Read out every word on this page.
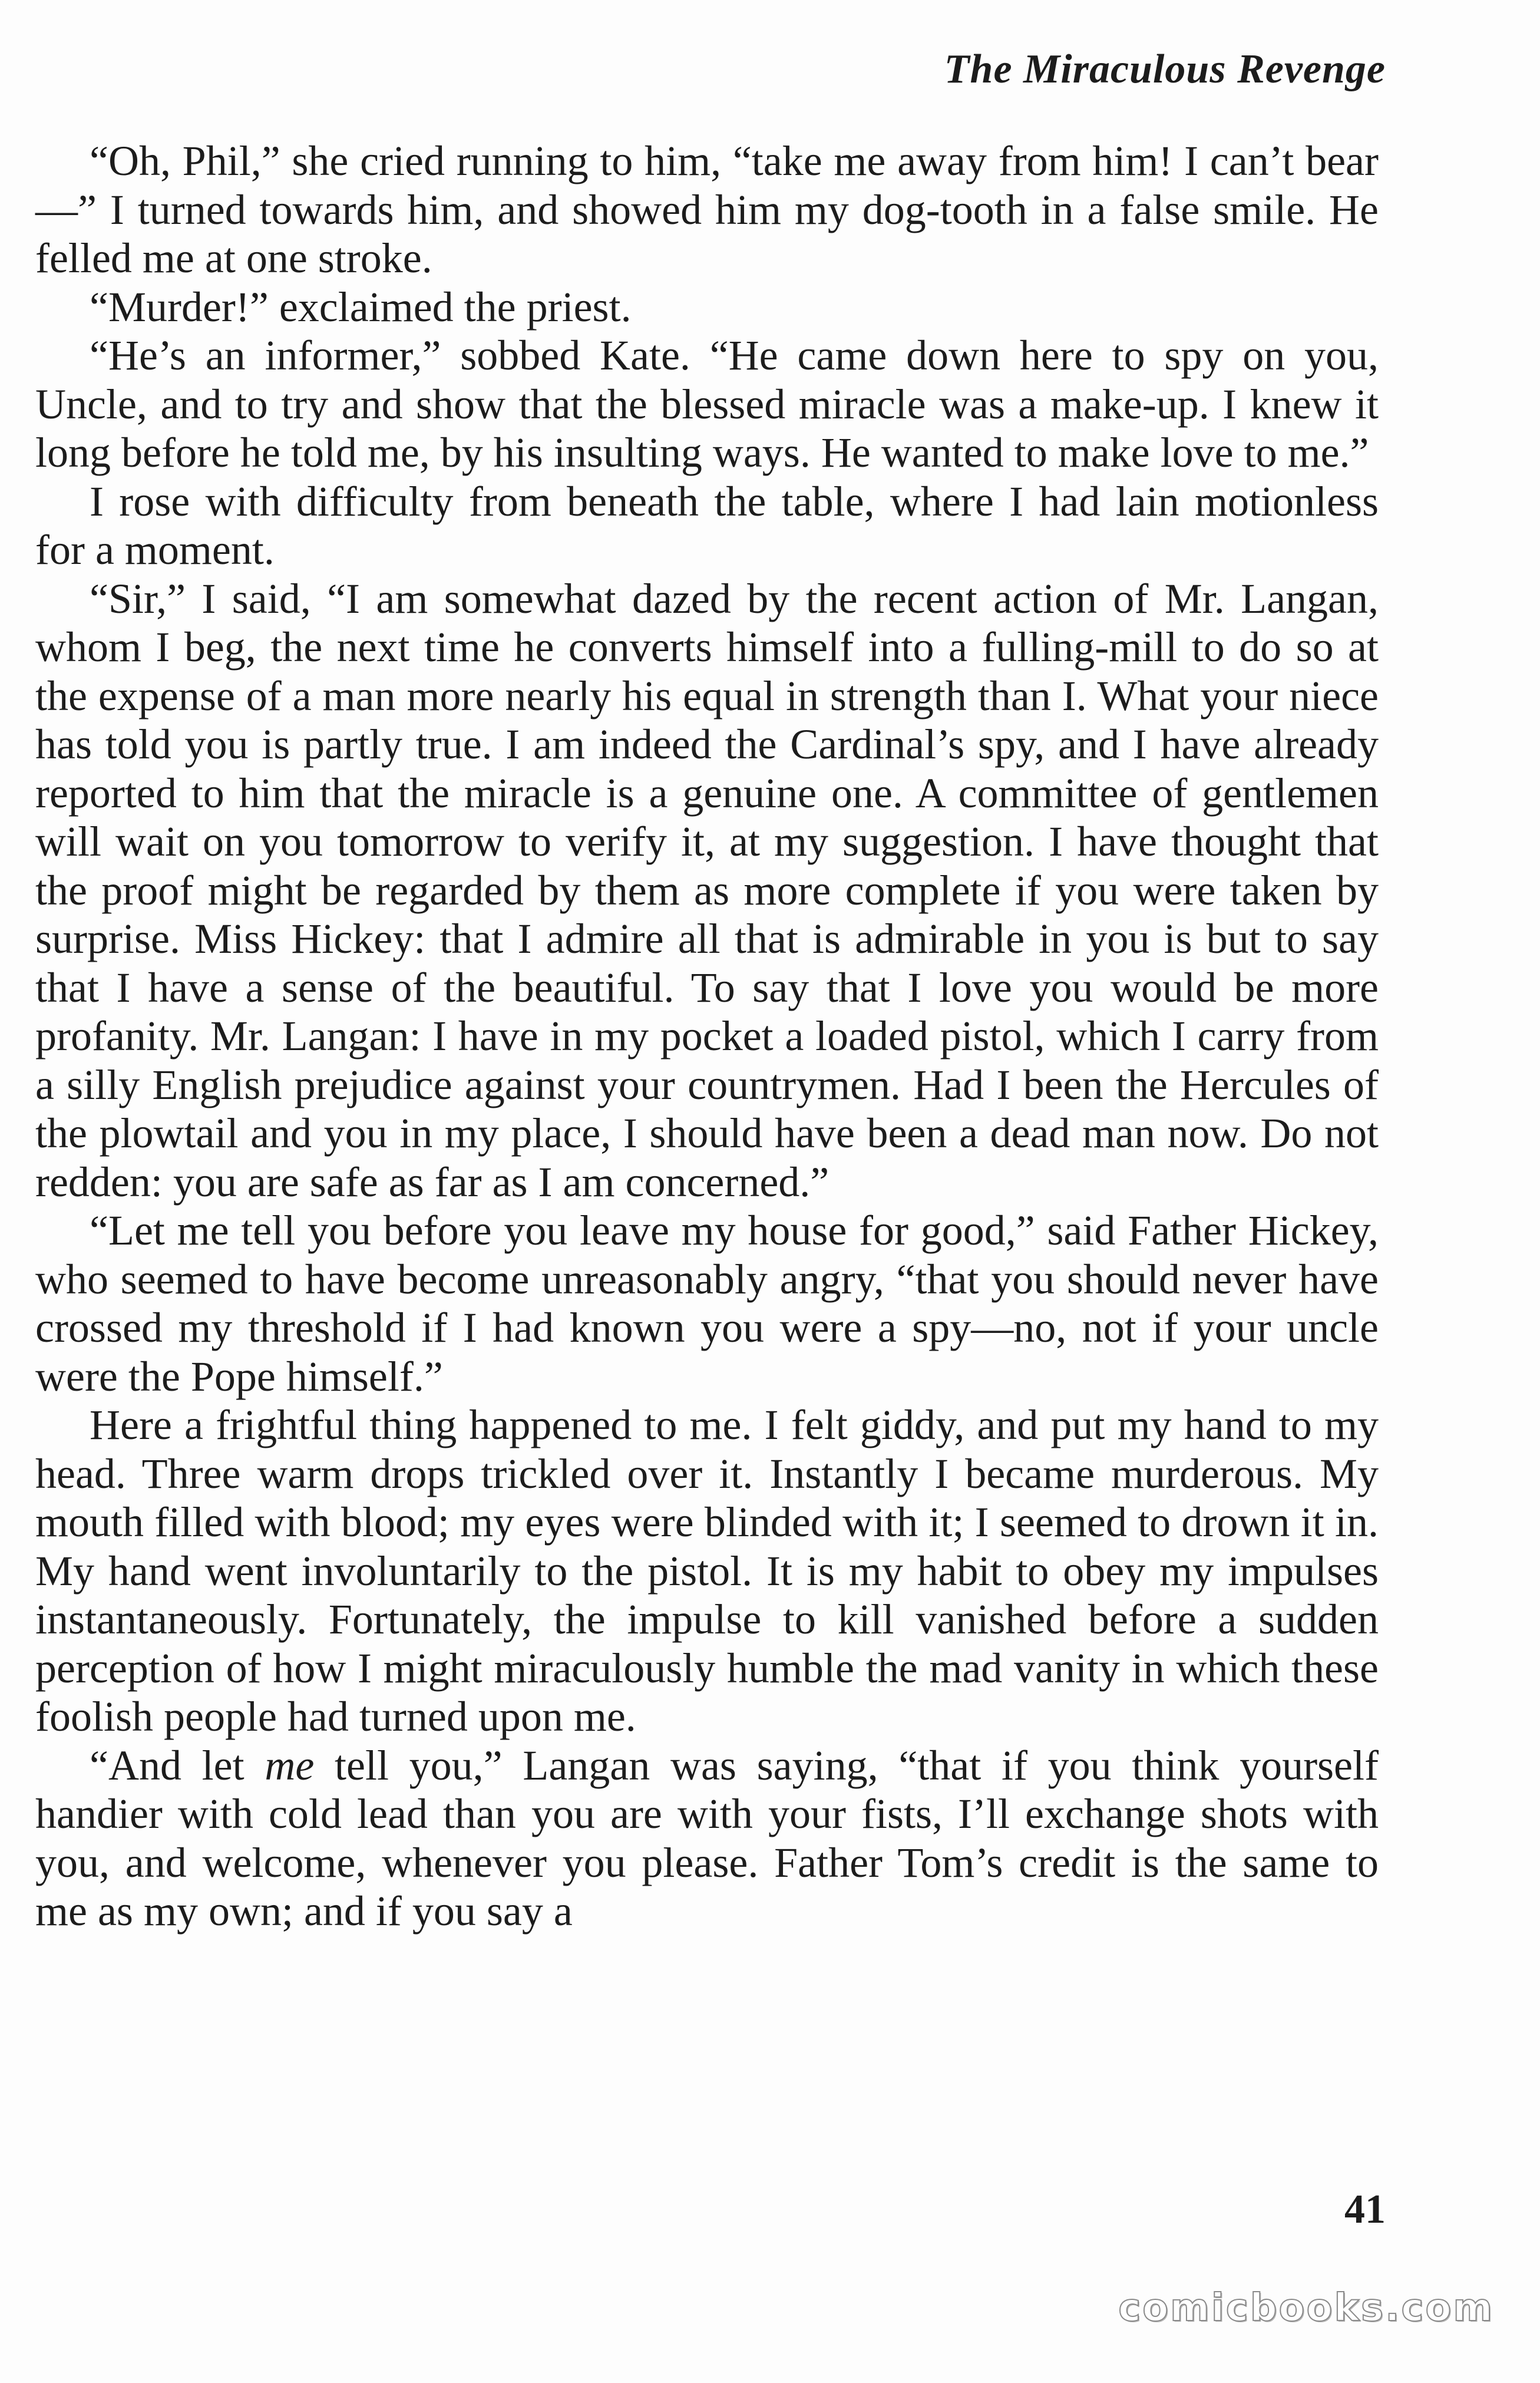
The Miraculous Revenge

“Oh, Phil,” she cried running to him, “take me away from him! I can’t bear—” I turned towards him, and showed him my dog-tooth in a false smile. He felled me at one stroke.

“Murder!” exclaimed the priest.

“He’s an informer,” sobbed Kate. “He came down here to spy on you, Uncle, and to try and show that the blessed miracle was a make-up. I knew it long before he told me, by his insulting ways. He wanted to make love to me.”

I rose with difficulty from beneath the table, where I had lain motionless for a moment.

“Sir,” I said, “I am somewhat dazed by the recent action of Mr. Langan, whom I beg, the next time he converts himself into a fulling-mill to do so at the expense of a man more nearly his equal in strength than I. What your niece has told you is partly true. I am indeed the Cardinal’s spy, and I have already reported to him that the miracle is a genuine one. A committee of gentlemen will wait on you tomorrow to verify it, at my suggestion. I have thought that the proof might be regarded by them as more complete if you were taken by surprise. Miss Hickey: that I admire all that is admirable in you is but to say that I have a sense of the beautiful. To say that I love you would be more profanity. Mr. Langan: I have in my pocket a loaded pistol, which I carry from a silly English prejudice against your countrymen. Had I been the Hercules of the plowtail and you in my place, I should have been a dead man now. Do not redden: you are safe as far as I am concerned.”

“Let me tell you before you leave my house for good,” said Father Hickey, who seemed to have become unreasonably angry, “that you should never have crossed my threshold if I had known you were a spy—no, not if your uncle were the Pope himself.”

Here a frightful thing happened to me. I felt giddy, and put my hand to my head. Three warm drops trickled over it. Instantly I became murderous. My mouth filled with blood; my eyes were blinded with it; I seemed to drown it in. My hand went involuntarily to the pistol. It is my habit to obey my impulses instantaneously. Fortunately, the impulse to kill vanished before a sudden perception of how I might miraculously humble the mad vanity in which these foolish people had turned upon me.

“And let me tell you,” Langan was saying, “that if you think yourself handier with cold lead than you are with your fists, I’ll exchange shots with you, and welcome, whenever you please. Father Tom’s credit is the same to me as my own; and if you say a

41
comicbooks.com
